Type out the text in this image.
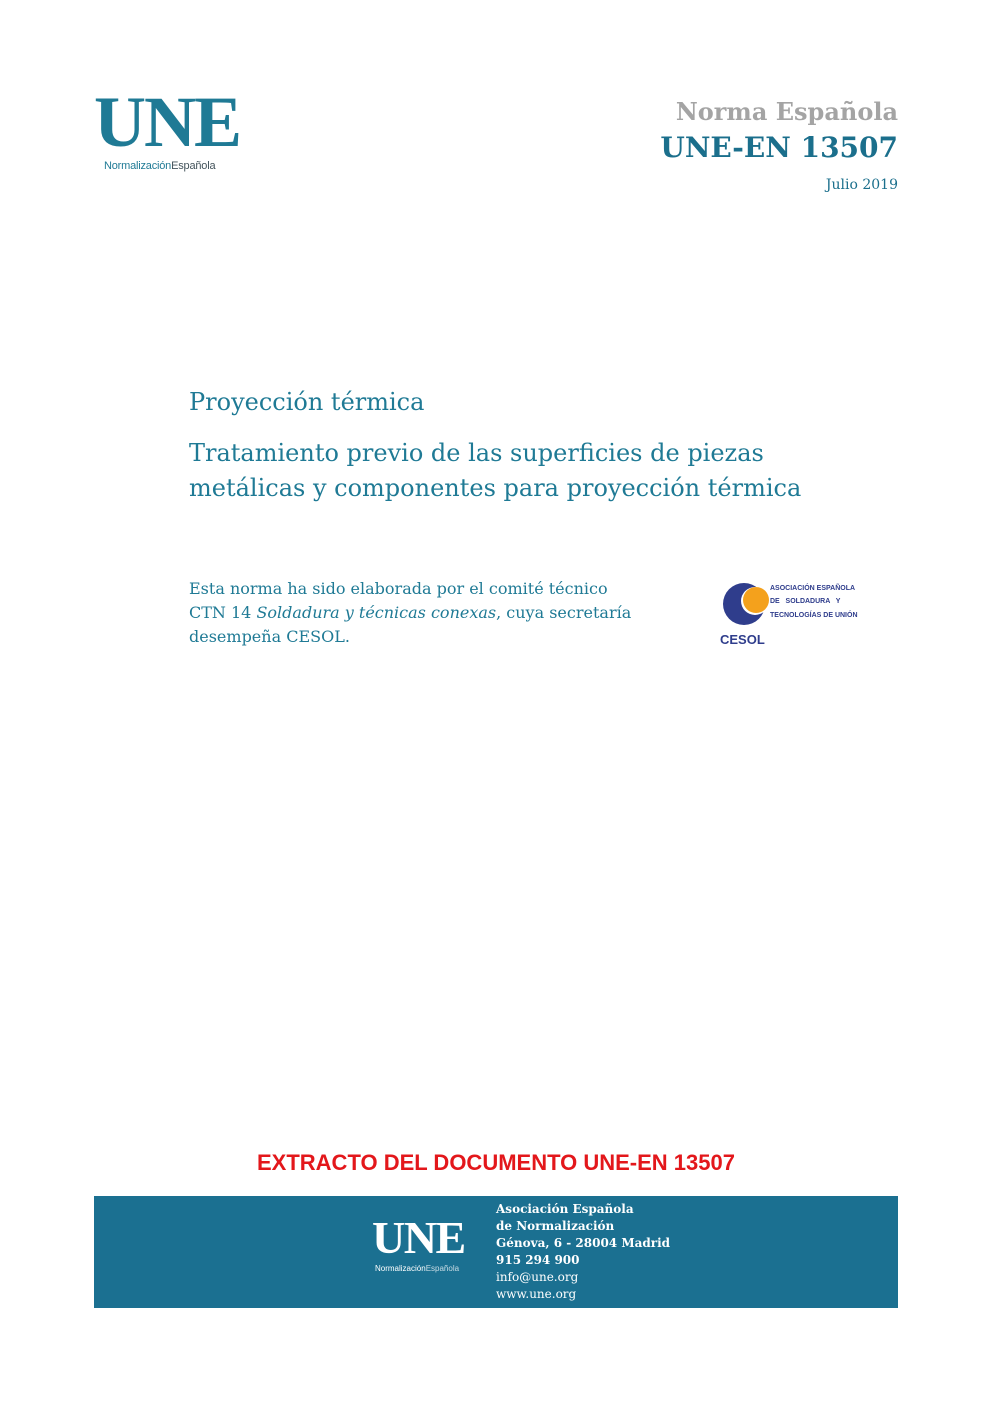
UNE
NormalizaciónEspañola
Norma Española
UNE-EN 13507
Julio 2019
Proyección térmica
Tratamiento previo de las superficies de piezas metálicas y componentes para proyección térmica
Esta norma ha sido elaborada por el comité técnico
CTN 14 Soldadura y técnicas conexas, cuya secretaría desempeña CESOL.
ASOCIACIÓN ESPAÑOLA
DE   SOLDADURA   Y
TECNOLOGÍAS DE UNIÓN
CESOL
EXTRACTO DEL DOCUMENTO UNE-EN 13507
UNE
NormalizaciónEspañola
Asociación Española
de Normalización
Génova, 6 - 28004 Madrid
915 294 900
info@une.org
www.une.org
